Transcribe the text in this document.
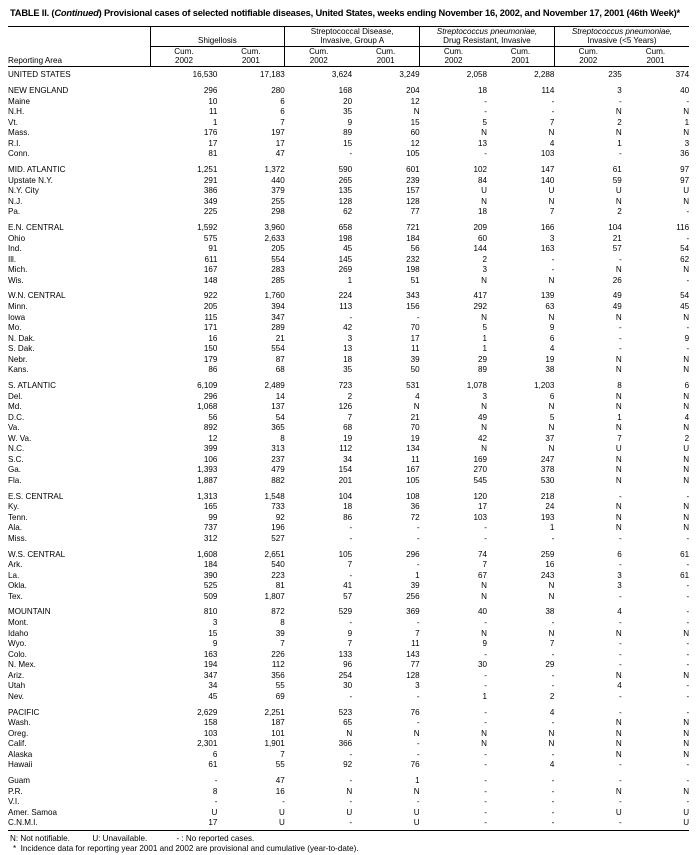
TABLE II. (Continued) Provisional cases of selected notifiable diseases, United States, weeks ending November 16, 2002, and November 17, 2001 (46th Week)*

Shigellosis

Streptococcal Disease,
Invasive, Group A

Streptococcus pneumoniae,
Drug Resistant, Invasive

Streptococcus pneumoniae,
Invasive (<5 Years)

Reporting Area	
Cum.
2002

Cum.
2001

Cum.
2002

Cum.
2001

Cum.
2002

Cum.
2001

Cum.
2002

Cum.
2001

UNITED STATES	16,530	17,183	3,624	3,249	2,058	2,288	235	374

NEW ENGLAND	296	280	168	204	18	114	3	40
Maine	10	6	20	12	-	-	-	-
N.H.	11	6	35	N	-	-	N	N
Vt.	1	7	9	15	5	7	2	1
Mass.	176	197	89	60	N	N	N	N
R.I.	17	17	15	12	13	4	1	3
Conn.	81	47	-	105	-	103	-	36

MID. ATLANTIC	1,251	1,372	590	601	102	147	61	97
Upstate N.Y.	291	440	265	239	84	140	59	97
N.Y. City	386	379	135	157	U	U	U	U
N.J.	349	255	128	128	N	N	N	N
Pa.	225	298	62	77	18	7	2	-

E.N. CENTRAL	1,592	3,960	658	721	209	166	104	116
Ohio	575	2,633	198	184	60	3	21	-
Ind.	91	205	45	56	144	163	57	54
Ill.	611	554	145	232	2	-	-	62
Mich.	167	283	269	198	3	-	N	N
Wis.	148	285	1	51	N	N	26	-

W.N. CENTRAL	922	1,760	224	343	417	139	49	54
Minn.	205	394	113	156	292	63	49	45
Iowa	115	347	-	-	N	N	N	N
Mo.	171	289	42	70	5	9	-	-
N. Dak.	16	21	3	17	1	6	-	9
S. Dak.	150	554	13	11	1	4	-	-
Nebr.	179	87	18	39	29	19	N	N
Kans.	86	68	35	50	89	38	N	N

S. ATLANTIC	6,109	2,489	723	531	1,078	1,203	8	6
Del.	296	14	2	4	3	6	N	N
Md.	1,068	137	126	N	N	N	N	N
D.C.	56	54	7	21	49	5	1	4
Va.	892	365	68	70	N	N	N	N
W. Va.	12	8	19	19	42	37	7	2
N.C.	399	313	112	134	N	N	U	U
S.C.	106	237	34	11	169	247	N	N
Ga.	1,393	479	154	167	270	378	N	N
Fla.	1,887	882	201	105	545	530	N	N

E.S. CENTRAL	1,313	1,548	104	108	120	218	-	-
Ky.	165	733	18	36	17	24	N	N
Tenn.	99	92	86	72	103	193	N	N
Ala.	737	196	-	-	-	1	N	N
Miss.	312	527	-	-	-	-	-	-

W.S. CENTRAL	1,608	2,651	105	296	74	259	6	61
Ark.	184	540	7	-	7	16	-	-
La.	390	223	-	1	67	243	3	61
Okla.	525	81	41	39	N	N	3	-
Tex.	509	1,807	57	256	N	N	-	-

MOUNTAIN	810	872	529	369	40	38	4	-
Mont.	3	8	-	-	-	-	-	-
Idaho	15	39	9	7	N	N	N	N
Wyo.	9	7	7	11	9	7	-	-
Colo.	163	226	133	143	-	-	-	-
N. Mex.	194	112	96	77	30	29	-	-
Ariz.	347	356	254	128	-	-	N	N
Utah	34	55	30	3	-	-	4	-
Nev.	45	69	-	-	1	2	-	-

PACIFIC	2,629	2,251	523	76	-	4	-	-
Wash.	158	187	65	-	-	-	N	N
Oreg.	103	101	N	N	N	N	N	N
Calif.	2,301	1,901	366	-	N	N	N	N
Alaska	6	7	-	-	-	-	N	N
Hawaii	61	55	92	76	-	4	-	-

Guam	-	47	-	1	-	-	-	-
P.R.	8	16	N	N	-	-	N	N
V.I.	-	-	-	-	-	-	-	-
Amer. Samoa	U	U	U	U	-	-	U	U
C.N.M.I.	17	U	-	U	-	-	-	U
N: Not notifiable.          U: Unavailable.             - : No reported cases.
*  Incidence data for reporting year 2001 and 2002 are provisional and cumulative (year-to-date).
